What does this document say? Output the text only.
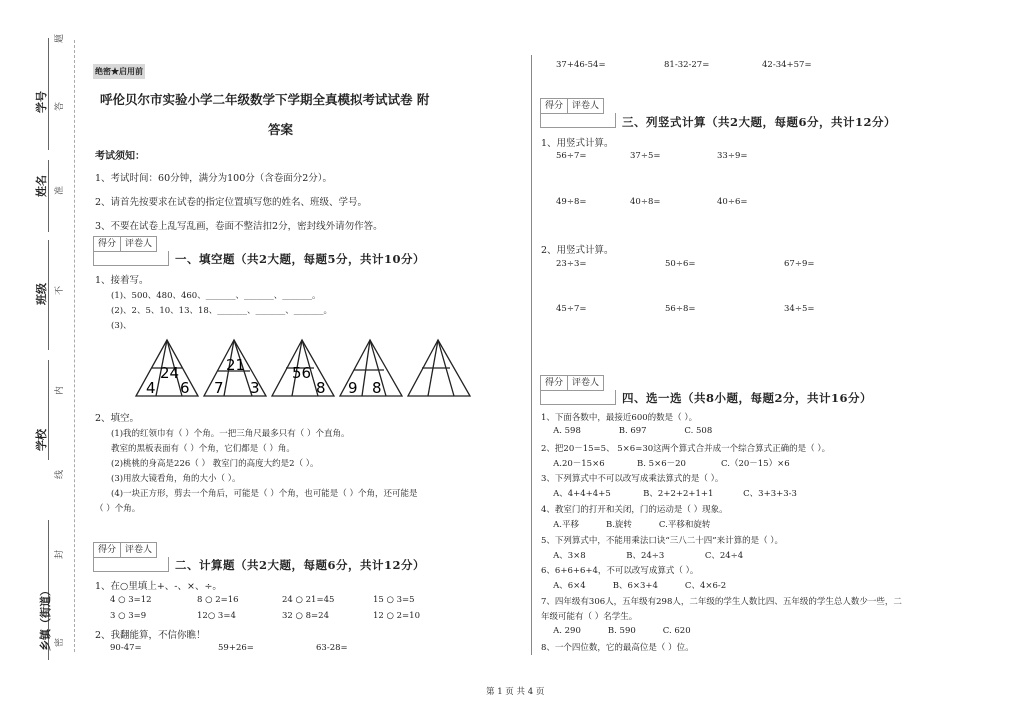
学号
姓名
班级
学校
乡镇（街道）
题
答
准
不
内
线
封
密
绝密★启用前
呼伦贝尔市实验小学二年级数学下学期全真模拟考试试卷 附
答案
考试须知：
1、考试时间：60分钟，满分为100分（含卷面分2分）。
2、请首先按要求在试卷的指定位置填写您的姓名、班级、学号。
3、不要在试卷上乱写乱画，卷面不整洁扣2分，密封线外请勿作答。
得分	评卷人
一、填空题（共2大题，每题5分，共计10分）
1、接着写。
(1)、500、480、460、_______、_______、_______。
(2)、2、5、10、13、18、_______、_______、_______。
(3)、
24
4 6
21
7 3
56
8 9 8
2、填空。
(1)我的红领巾有（ ）个角。一把三角尺最多只有（ ）个直角。
教室的黑板表面有（ ）个角，它们都是（ ）角。
(2)桃桃的身高是226（ ） 教室门的高度大约是2（ ）。
(3)用放大镜看角，角的大小（ ）。
(4)一块正方形，剪去一个角后，可能是（ ）个角，也可能是（ ）个角，还可能是
（ ）个角。
得分	评卷人
二、计算题（共2大题，每题6分，共计12分）
1、在○里填上+、-、×、÷。
4 ○ 3=12	8 ○ 2=16	24 ○ 21=45	15 ○ 3=5
3 ○ 3=9	12○ 3=4	32 ○ 8=24	12 ○ 2=10
2、我翻能算，不信你瞧！
90-47=	59+26=	63-28=
37+46-54=	81-32-27=	42-34+57=
得分	评卷人
三、列竖式计算（共2大题，每题6分，共计12分）
1、用竖式计算。
56÷7=	37÷5=	33÷9=
49÷8=	40÷8=	40÷6=
2、用竖式计算。
23÷3=	50÷6=	67÷9=
45÷7=	56÷8=	34÷5=
得分	评卷人
四、选一选（共8小题，每题2分，共计16分）
1、下面各数中，最接近600的数是（ ）。
A. 598              B. 697              C. 508
2、把20－15=5、 5×6=30这两个算式合并成一个综合算式正确的是（ ）。
A.20－15×6            B. 5×6－20             C.（20－15）×6
3、下列算式中不可以改写成乘法算式的是（ ）。
A、4+4+4+5            B、2+2+2+1+1           C、3+3+3-3
4、教室门的打开和关闭，门的运动是（ ）现象。
A.平移          B.旋转          C.平移和旋转
5、下列算式中，不能用乘法口诀“三八二十四”来计算的是（ ）。
A、3×8               B、24÷3               C、24÷4
6、6+6+6+4，不可以改写成算式（ ）。
A、6×4          B、6×3+4          C、4×6-2
7、四年级有306人，五年级有298人，二年级的学生人数比四、五年级的学生总人数少一些，二
年级可能有（ ）名学生。
A. 290          B. 590          C. 620
8、一个四位数，它的最高位是（ ）位。
第 1 页 共 4 页
